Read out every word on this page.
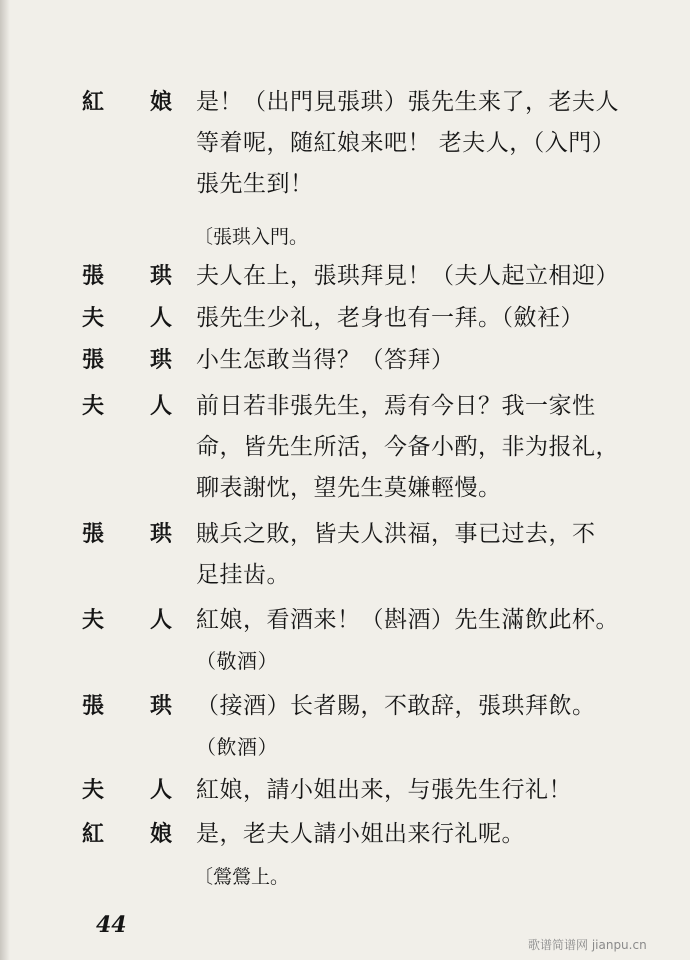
紅 娘 是！（出門見張珙）張先生来了，老夫人
等着呢，随紅娘来吧！ 老夫人，（入門）
張先生到！
〔張珙入門。
張 珙 夫人在上，張珙拜見！（夫人起立相迎）
夫 人 張先生少礼，老身也有一拜。（斂衽）
張 珙 小生怎敢当得？（答拜）
夫 人 前日若非張先生，焉有今日？我一家性
命，皆先生所活，今备小酌，非为报礼，
聊表謝忱，望先生莫嫌輕慢。
張 珙 賊兵之敗，皆夫人洪福，事已过去，不
足挂齿。
夫 人 紅娘，看酒来！（斟酒）先生滿飲此杯。
（敬酒）
張 珙 （接酒）长者賜，不敢辞，張珙拜飲。
（飲酒）
夫 人 紅娘，請小姐出来，与張先生行礼！
紅 娘 是，老夫人請小姐出来行礼呢。
〔鶯鶯上。
44
歌谱简谱网 jianpu.cn
